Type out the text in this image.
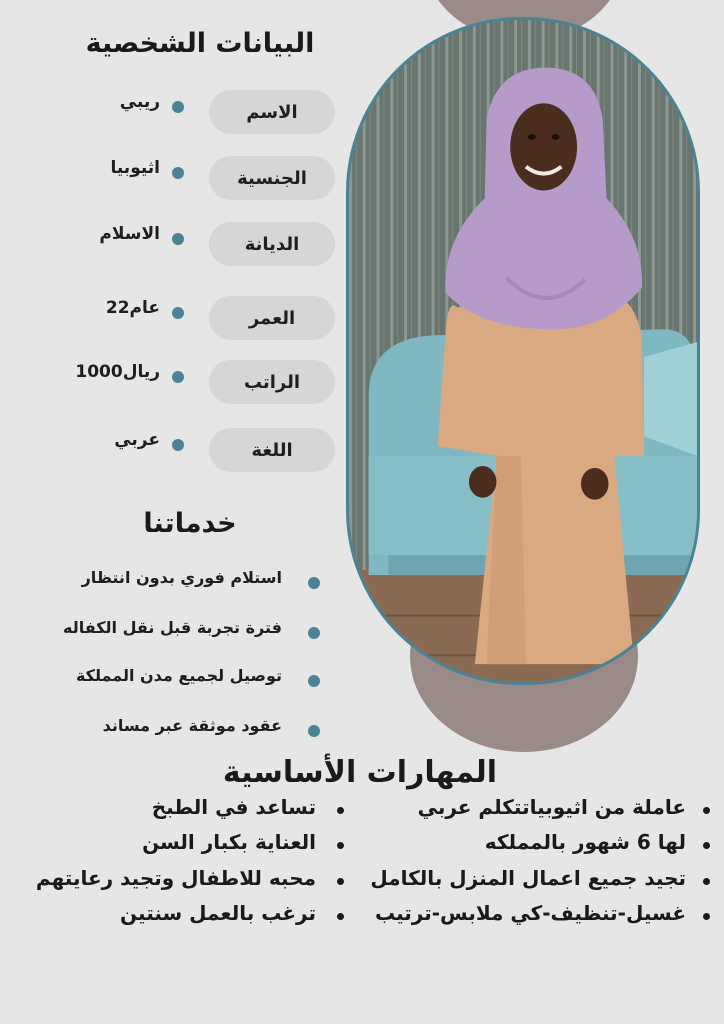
البيانات الشخصية
الاسم
ريبي
الجنسية
اثيوبيا
الديانة
الاسلام
العمر
22عام
الراتب
1000ريال
اللغة
عربي
خدماتنا
استلام فوري بدون انتظار
فترة تجربة قبل نقل الكفاله
توصيل لجميع مدن المملكة
عقود موثقة عبر مساند
المهارات الأساسية
عاملة من اثيوبياتتكلم عربي
لها 6 شهور بالمملكه
تجيد جميع اعمال المنزل بالكامل
غسيل-تنظيف-كي ملابس-ترتيب
تساعد في الطبخ
العناية بكبار السن
محبه للاطفال وتجيد رعايتهم
ترغب بالعمل سنتين
